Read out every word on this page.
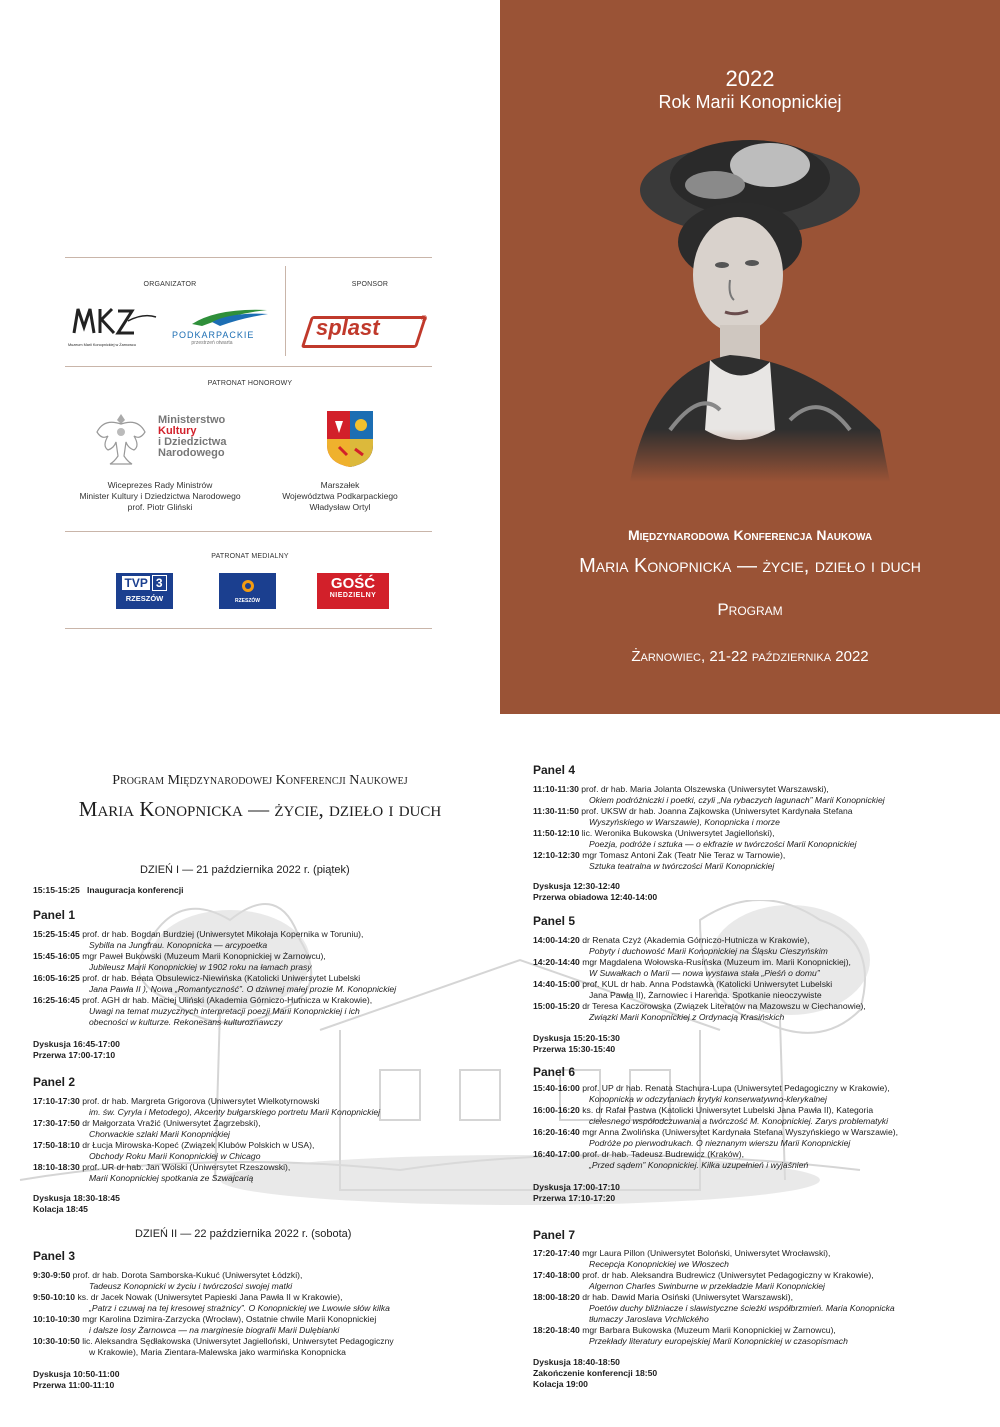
2022
Rok Marii Konopnickiej
Międzynarodowa Konferencja Naukowa
Maria Konopnicka — życie, dzieło i duch
Program
Żarnowiec, 21-22 października 2022
ORGANIZATOR	SPONSOR
Muzeum Marii Konopnickiej w Żarnowcu
PODKARPACKIE
przestrzeń otwarta
splast	®
PATRONAT HONOROWY
Ministerstwo
Kultury
i Dziedzictwa
Narodowego
Wiceprezes Rady Ministrów
Minister Kultury i Dziedzictwa Narodowego
prof. Piotr Gliński
Marszałek
Województwa Podkarpackiego
Władysław Ortyl
PATRONAT MEDIALNY
TVP 3
RZESZÓW	RZESZÓW
GOŚĆ
NIEDZIELNY
Program Międzynarodowej Konferencji Naukowej
Maria Konopnicka — życie, dzieło i duch
DZIEŃ I — 21 października 2022 r. (piątek)
15:15-15:25 Inauguracja konferencji
Panel 1
15:25-15:45 prof. dr hab. Bogdan Burdziej (Uniwersytet Mikołaja Kopernika w Toruniu),
Sybilla na Jungfrau. Konopnicka — arcypoetka
15:45-16:05 mgr Paweł Bukowski (Muzeum Marii Konopnickiej w Żarnowcu),
Jubileusz Marii Konopnickiej w 1902 roku na łamach prasy
16:05-16:25 prof. dr hab. Beata Obsulewicz-Niewińska (Katolicki Uniwersytet Lubelski
Jana Pawła II ), Nowa „Romantyczność”. O dziwnej małej prozie M. Konopnickiej
16:25-16:45 prof. AGH dr hab. Maciej Uliński (Akademia Górniczo-Hutnicza w Krakowie),
Uwagi na temat muzycznych interpretacji poezji Marii Konopnickiej i ich
obecności w kulturze. Rekonesans kulturoznawczy
Dyskusja 16:45-17:00
Przerwa 17:00-17:10
Panel 2
17:10-17:30 prof. dr hab. Margreta Grigorova (Uniwersytet Wielkotyrnowski
im. św. Cyryla i Metodego), Akcenty bułgarskiego portretu Marii Konopnickiej
17:30-17:50 dr Małgorzata Vražić (Uniwersytet Zagrzebski),
Chorwackie szlaki Marii Konopnickiej
17:50-18:10 dr Łucja Mirowska-Kopeć (Związek Klubów Polskich w USA),
Obchody Roku Marii Konopnickiej w Chicago
18:10-18:30 prof. UR dr hab. Jan Wolski (Uniwersytet Rzeszowski),
Marii Konopnickiej spotkania ze Szwajcarią
Dyskusja 18:30-18:45
Kolacja 18:45
DZIEŃ II — 22 października 2022 r. (sobota)
Panel 3
9:30-9:50 prof. dr hab. Dorota Samborska-Kukuć (Uniwersytet Łódzki),
Tadeusz Konopnicki w życiu i twórczości swojej matki
9:50-10:10 ks. dr Jacek Nowak (Uniwersytet Papieski Jana Pawła II w Krakowie),
„Patrz i czuwaj na tej kresowej strażnicy”. O Konopnickiej we Lwowie słów kilka
10:10-10:30 mgr Karolina Dzimira-Zarzycka (Wrocław), Ostatnie chwile Marii Konopnickiej
i dalsze losy Żarnowca — na marginesie biografii Marii Dulębianki
10:30-10:50 lic. Aleksandra Sędłakowska (Uniwersytet Jagielloński, Uniwersytet Pedagogiczny
w Krakowie), Maria Zientara-Malewska jako warmińska Konopnicka
Dyskusja 10:50-11:00
Przerwa 11:00-11:10
Panel 4
11:10-11:30 prof. dr hab. Maria Jolanta Olszewska (Uniwersytet Warszawski),
Okiem podróżniczki i poetki, czyli „Na rybaczych lagunach” Marii Konopnickiej
11:30-11:50 prof. UKSW dr hab. Joanna Zajkowska (Uniwersytet Kardynała Stefana
Wyszyńskiego w Warszawie), Konopnicka i morze
11:50-12:10 lic. Weronika Bukowska (Uniwersytet Jagielloński),
Poezja, podróże i sztuka — o ekfrazie w twórczości Marii Konopnickiej
12:10-12:30 mgr Tomasz Antoni Żak (Teatr Nie Teraz w Tarnowie),
Sztuka teatralna w twórczości Marii Konopnickiej
Dyskusja 12:30-12:40
Przerwa obiadowa 12:40-14:00
Panel 5
14:00-14:20 dr Renata Czyż (Akademia Górniczo-Hutnicza w Krakowie),
Pobyty i duchowość Marii Konopnickiej na Śląsku Cieszyńskim
14:20-14:40 mgr Magdalena Wołowska-Rusińska (Muzeum im. Marii Konopnickiej),
W Suwałkach o Marii — nowa wystawa stała „Pieśń o domu”
14:40-15:00 prof. KUL dr hab. Anna Podstawka (Katolicki Uniwersytet Lubelski
Jana Pawła II), Żarnowiec i Harenda. Spotkanie nieoczywiste
15:00-15:20 dr Teresa Kaczorowska (Związek Literatów na Mazowszu w Ciechanowie),
Związki Marii Konopnickiej z Ordynacją Krasińskich
Dyskusja 15:20-15:30
Przerwa 15:30-15:40
Panel 6
15:40-16:00 prof. UP dr hab. Renata Stachura-Lupa (Uniwersytet Pedagogiczny w Krakowie),
Konopnicka w odczytaniach krytyki konserwatywno-klerykalnej
16:00-16:20 ks. dr Rafał Pastwa (Katolicki Uniwersytet Lubelski Jana Pawła II), Kategoria
cielesnego współodczuwania a twórczość M. Konopnickiej. Zarys problematyki
16:20-16:40 mgr Anna Żwolińska (Uniwersytet Kardynała Stefana Wyszyńskiego w Warszawie),
Podróże po pierwodrukach. O nieznanym wierszu Marii Konopnickiej
16:40-17:00 prof. dr hab. Tadeusz Budrewicz (Kraków),
„Przed sądem” Konopnickiej. Kilka uzupełnień i wyjaśnień
Dyskusja 17:00-17:10
Przerwa 17:10-17:20
Panel 7
17:20-17:40 mgr Laura Pillon (Uniwersytet Boloński, Uniwersytet Wrocławski),
Recepcja Konopnickiej we Włoszech
17:40-18:00 prof. dr hab. Aleksandra Budrewicz (Uniwersytet Pedagogiczny w Krakowie),
Algernon Charles Swinburne w przekładzie Marii Konopnickiej
18:00-18:20 dr hab. Dawid Maria Osiński (Uniwersytet Warszawski),
Poetów duchy bliźniacze i slawistyczne ścieżki współbrzmień. Maria Konopnicka
tłumaczy Jaroslava Vrchlického
18:20-18:40 mgr Barbara Bukowska (Muzeum Marii Konopnickiej w Żarnowcu),
Przekłady literatury europejskiej Marii Konopnickiej w czasopismach
Dyskusja 18:40-18:50
Zakończenie konferencji 18:50
Kolacja 19:00
